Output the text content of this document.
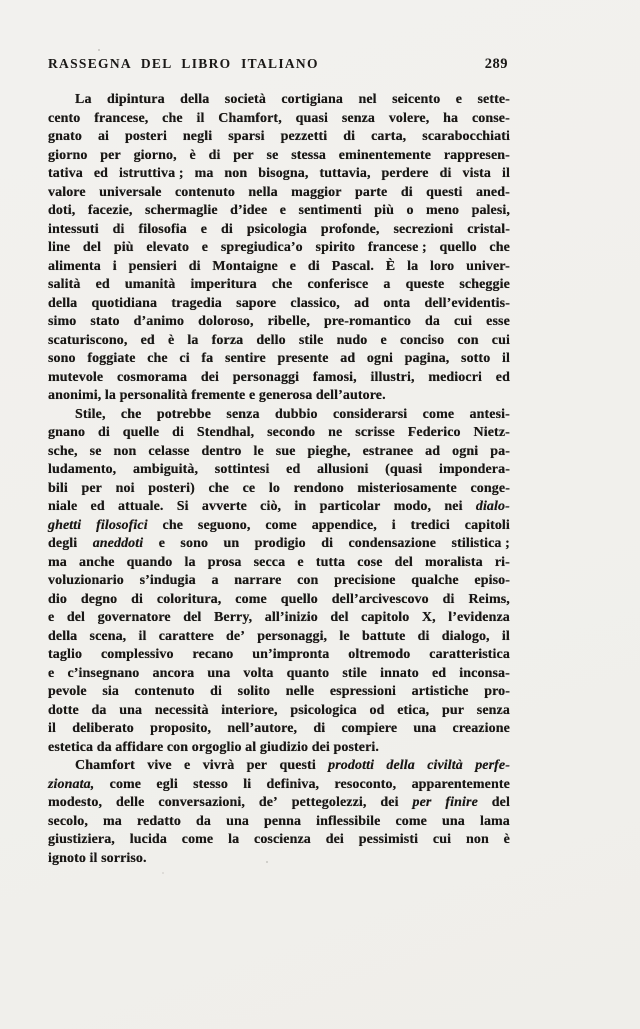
RASSEGNA DEL LIBRO ITALIANO	289
La dipintura della società cortigiana nel seicento e sette-
cento francese, che il Chamfort, quasi senza volere, ha conse-
gnato ai posteri negli sparsi pezzetti di carta, scarabocchiati
giorno per giorno, è di per se stessa eminentemente rappresen-
tativa ed istruttiva ; ma non bisogna, tuttavia, perdere di vista il
valore universale contenuto nella maggior parte di questi aned-
doti, facezie, schermaglie d’idee e sentimenti più o meno palesi,
intessuti di filosofia e di psicologia profonde, secrezioni cristal-
line del più elevato e spregiudica’o spirito francese ; quello che
alimenta i pensieri di Montaigne e di Pascal. È la loro univer-
salità ed umanità imperitura che conferisce a queste scheggie
della quotidiana tragedia sapore classico, ad onta dell’evidentis-
simo stato d’animo doloroso, ribelle, pre-romantico da cui esse
scaturiscono, ed è la forza dello stile nudo e conciso con cui
sono foggiate che ci fa sentire presente ad ogni pagina, sotto il
mutevole cosmorama dei personaggi famosi, illustri, mediocri ed
anonimi, la personalità fremente e generosa dell’autore.
Stile, che potrebbe senza dubbio considerarsi come antesi-
gnano di quelle di Stendhal, secondo ne scrisse Federico Nietz-
sche, se non celasse dentro le sue pieghe, estranee ad ogni pa-
ludamento, ambiguità, sottintesi ed allusioni (quasi impondera-
bili per noi posteri) che ce lo rendono misteriosamente conge-
niale ed attuale. Si avverte ciò, in particolar modo, nei dialo-
ghetti filosofici che seguono, come appendice, i tredici capitoli
degli aneddoti e sono un prodigio di condensazione stilistica ;
ma anche quando la prosa secca e tutta cose del moralista ri-
voluzionario s’indugia a narrare con precisione qualche episo-
dio degno di coloritura, come quello dell’arcivescovo di Reims,
e del governatore del Berry, all’inizio del capitolo X, l’evidenza
della scena, il carattere de’ personaggi, le battute di dialogo, il
taglio complessivo recano un’impronta oltremodo caratteristica
e c’insegnano ancora una volta quanto stile innato ed inconsa-
pevole sia contenuto di solito nelle espressioni artistiche pro-
dotte da una necessità interiore, psicologica od etica, pur senza
il deliberato proposito, nell’autore, di compiere una creazione
estetica da affidare con orgoglio al giudizio dei posteri.
Chamfort vive e vivrà per questi prodotti della civiltà perfe-
zionata, come egli stesso li definiva, resoconto, apparentemente
modesto, delle conversazioni, de’ pettegolezzi, dei per finire del
secolo, ma redatto da una penna inflessibile come una lama
giustiziera, lucida come la coscienza dei pessimisti cui non è
ignoto il sorriso.
